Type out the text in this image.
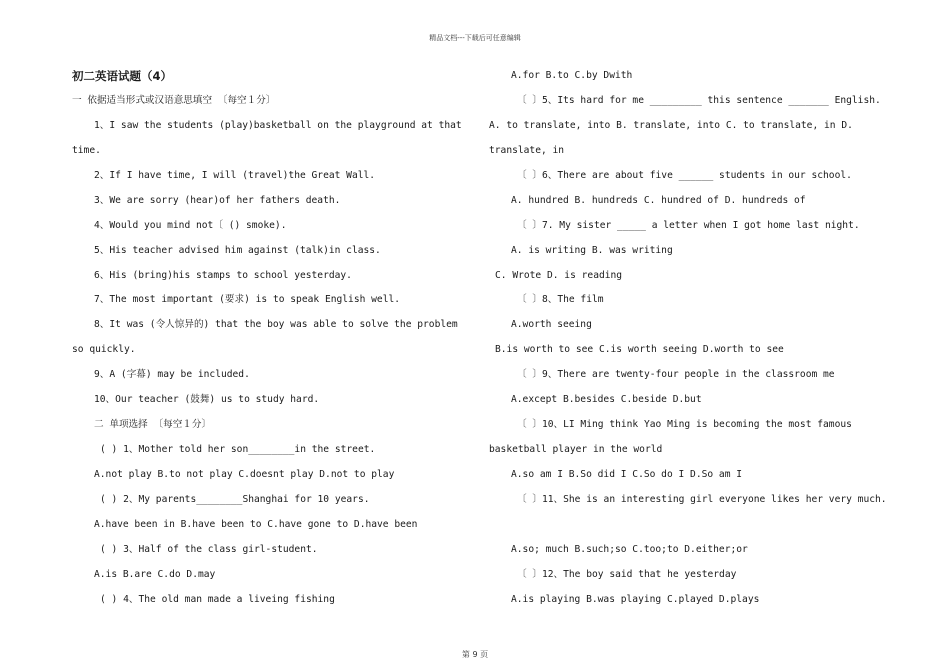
精品文档---下载后可任意编辑
初二英语试题（4）
一 依据适当形式或汉语意思填空 〔每空１分〕
1、I saw the students (play)basketball on the playground at that
time.
2、If I have time, I will (travel)the Great Wall.
3、We are sorry (hear)of her fathers death.
4、Would you mind not〔 () smoke).
5、His teacher advised him against (talk)in class.
6、His (bring)his stamps to school yesterday.
7、The most important (要求) is to speak English well.
8、It was (令人惊异的) that the boy was able to solve the problem
so quickly.
9、A (字幕) may be included.
10、Our teacher (鼓舞) us to study hard.
二 单项选择 〔每空１分〕
( ) 1、Mother told her son________in the street.
A.not play B.to not play C.doesnt play D.not to play
( ) 2、My parents________Shanghai for 10 years.
A.have been in B.have been to C.have gone to D.have been
( ) 3、Half of the class girl-student.
A.is B.are C.do D.may
( ) 4、The old man made a liveing fishing
A.for B.to C.by Dwith
〔 〕5、Its hard for me _________ this sentence _______ English.
A. to translate, into B. translate, into C. to translate, in D.
translate, in
〔 〕6、There are about five ______ students in our school.
A. hundred B. hundreds C. hundred of D. hundreds of
〔 〕7. My sister _____ a letter when I got home last night.
A. is writing B. was writing
C. Wrote D. is reading
〔 〕8、The film
A.worth seeing
B.is worth to see C.is worth seeing D.worth to see
〔 〕9、There are twenty-four people in the classroom me
A.except B.besides C.beside D.but
〔 〕10、LI Ming think Yao Ming is becoming the most famous
basketball player in the world
A.so am I B.So did I C.So do I D.So am I
〔 〕11、She is an interesting girl everyone likes her very much.
A.so; much B.such;so C.too;to D.either;or
〔 〕12、The boy said that he yesterday
A.is playing B.was playing C.played D.plays
第 9 页
